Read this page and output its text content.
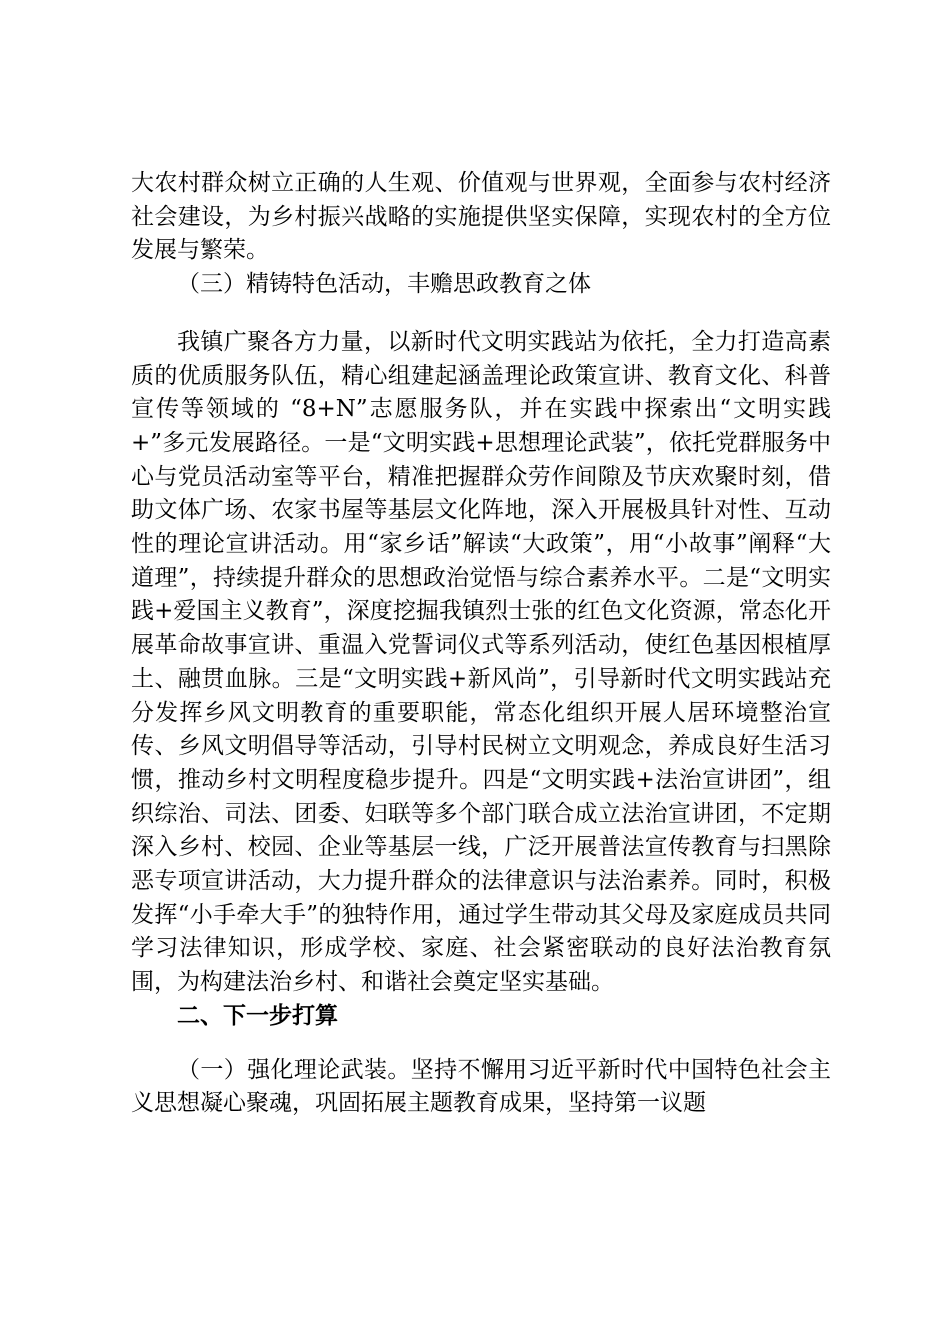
大农村群众树立正确的人生观、价值观与世界观，全面参与农村经济社会建设，为乡村振兴战略的实施提供坚实保障，实现农村的全方位发展与繁荣。

（三）精铸特色活动，丰赡思政教育之体

我镇广聚各方力量，以新时代文明实践站为依托，全力打造高素质的优质服务队伍，精心组建起涵盖理论政策宣讲、教育文化、科普宣传等领域的 “8+N”志愿服务队，并在实践中探索出“文明实践 +”多元发展路径。一是“文明实践+思想理论武装”，依托党群服务中心与党员活动室等平台，精准把握群众劳作间隙及节庆欢聚时刻，借助文体广场、农家书屋等基层文化阵地，深入开展极具针对性、互动性的理论宣讲活动。用“家乡话”解读“大政策”，用“小故事”阐释“大道理”，持续提升群众的思想政治觉悟与综合素养水平。二是“文明实践+爱国主义教育”，深度挖掘我镇烈士张的红色文化资源，常态化开展革命故事宣讲、重温入党誓词仪式等系列活动，使红色基因根植厚土、融贯血脉。三是“文明实践+新风尚”，引导新时代文明实践站充分发挥乡风文明教育的重要职能，常态化组织开展人居环境整治宣传、乡风文明倡导等活动，引导村民树立文明观念，养成良好生活习惯，推动乡村文明程度稳步提升。四是“文明实践+法治宣讲团”，组织综治、司法、团委、妇联等多个部门联合成立法治宣讲团，不定期深入乡村、校园、企业等基层一线，广泛开展普法宣传教育与扫黑除恶专项宣讲活动，大力提升群众的法律意识与法治素养。同时，积极发挥“小手牵大手”的独特作用，通过学生带动其父母及家庭成员共同学习法律知识，形成学校、家庭、社会紧密联动的良好法治教育氛围，为构建法治乡村、和谐社会奠定坚实基础。

二、下一步打算

（一）强化理论武装。坚持不懈用习近平新时代中国特色社会主义思想凝心聚魂，巩固拓展主题教育成果，坚持第一议题
